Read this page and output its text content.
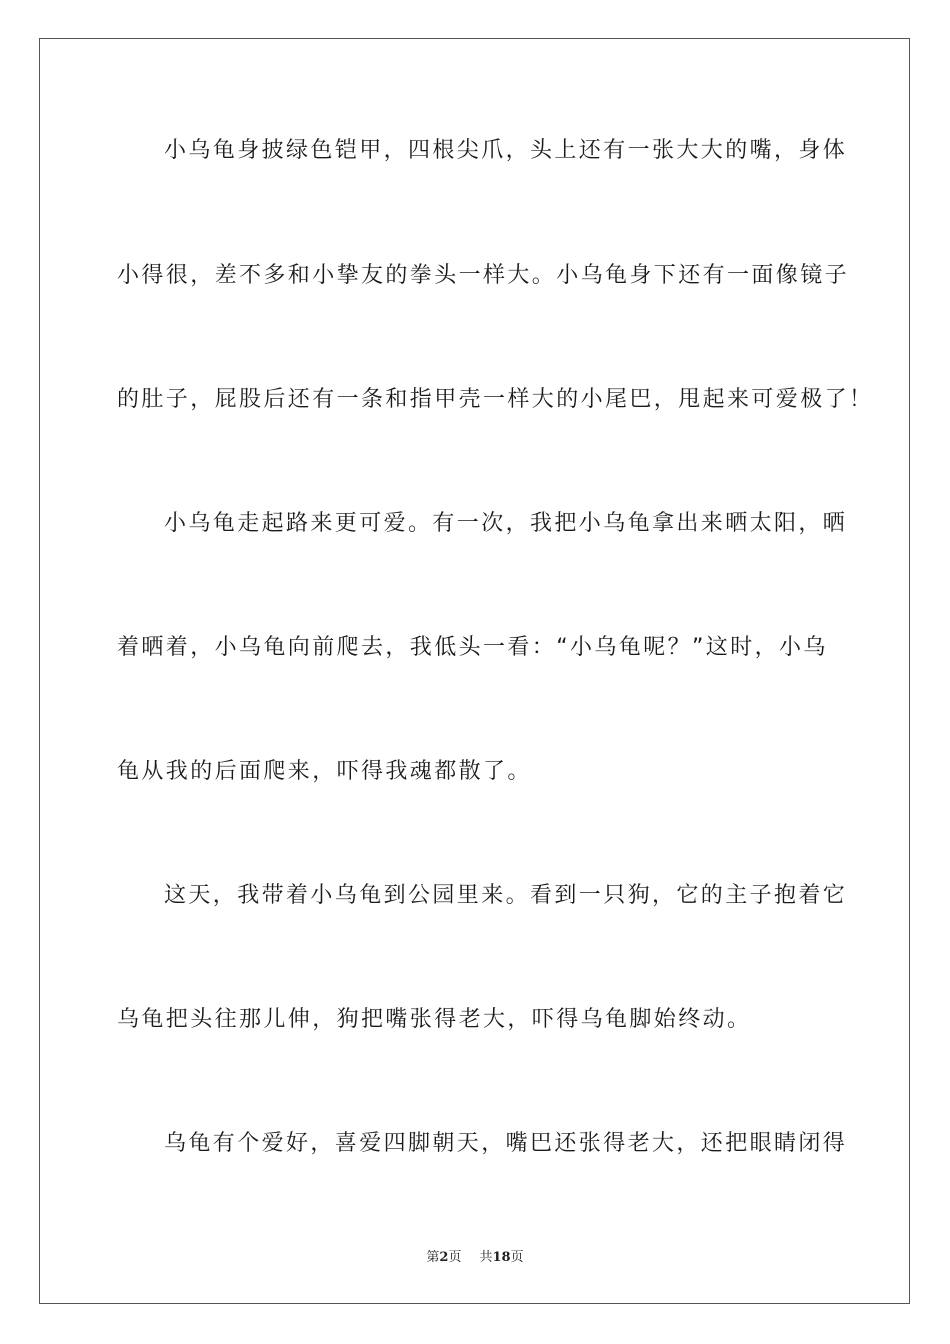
小乌龟身披绿色铠甲，四根尖爪，头上还有一张大大的嘴，身体
小得很，差不多和小挚友的拳头一样大。小乌龟身下还有一面像镜子
的肚子，屁股后还有一条和指甲壳一样大的小尾巴，甩起来可爱极了！
小乌龟走起路来更可爱。有一次，我把小乌龟拿出来晒太阳，晒
着晒着，小乌龟向前爬去，我低头一看：“小乌龟呢？”这时，小乌
龟从我的后面爬来，吓得我魂都散了。
这天，我带着小乌龟到公园里来。看到一只狗，它的主子抱着它
乌龟把头往那儿伸，狗把嘴张得老大，吓得乌龟脚始终动。
乌龟有个爱好，喜爱四脚朝天，嘴巴还张得老大，还把眼睛闭得
第2页 共18页
